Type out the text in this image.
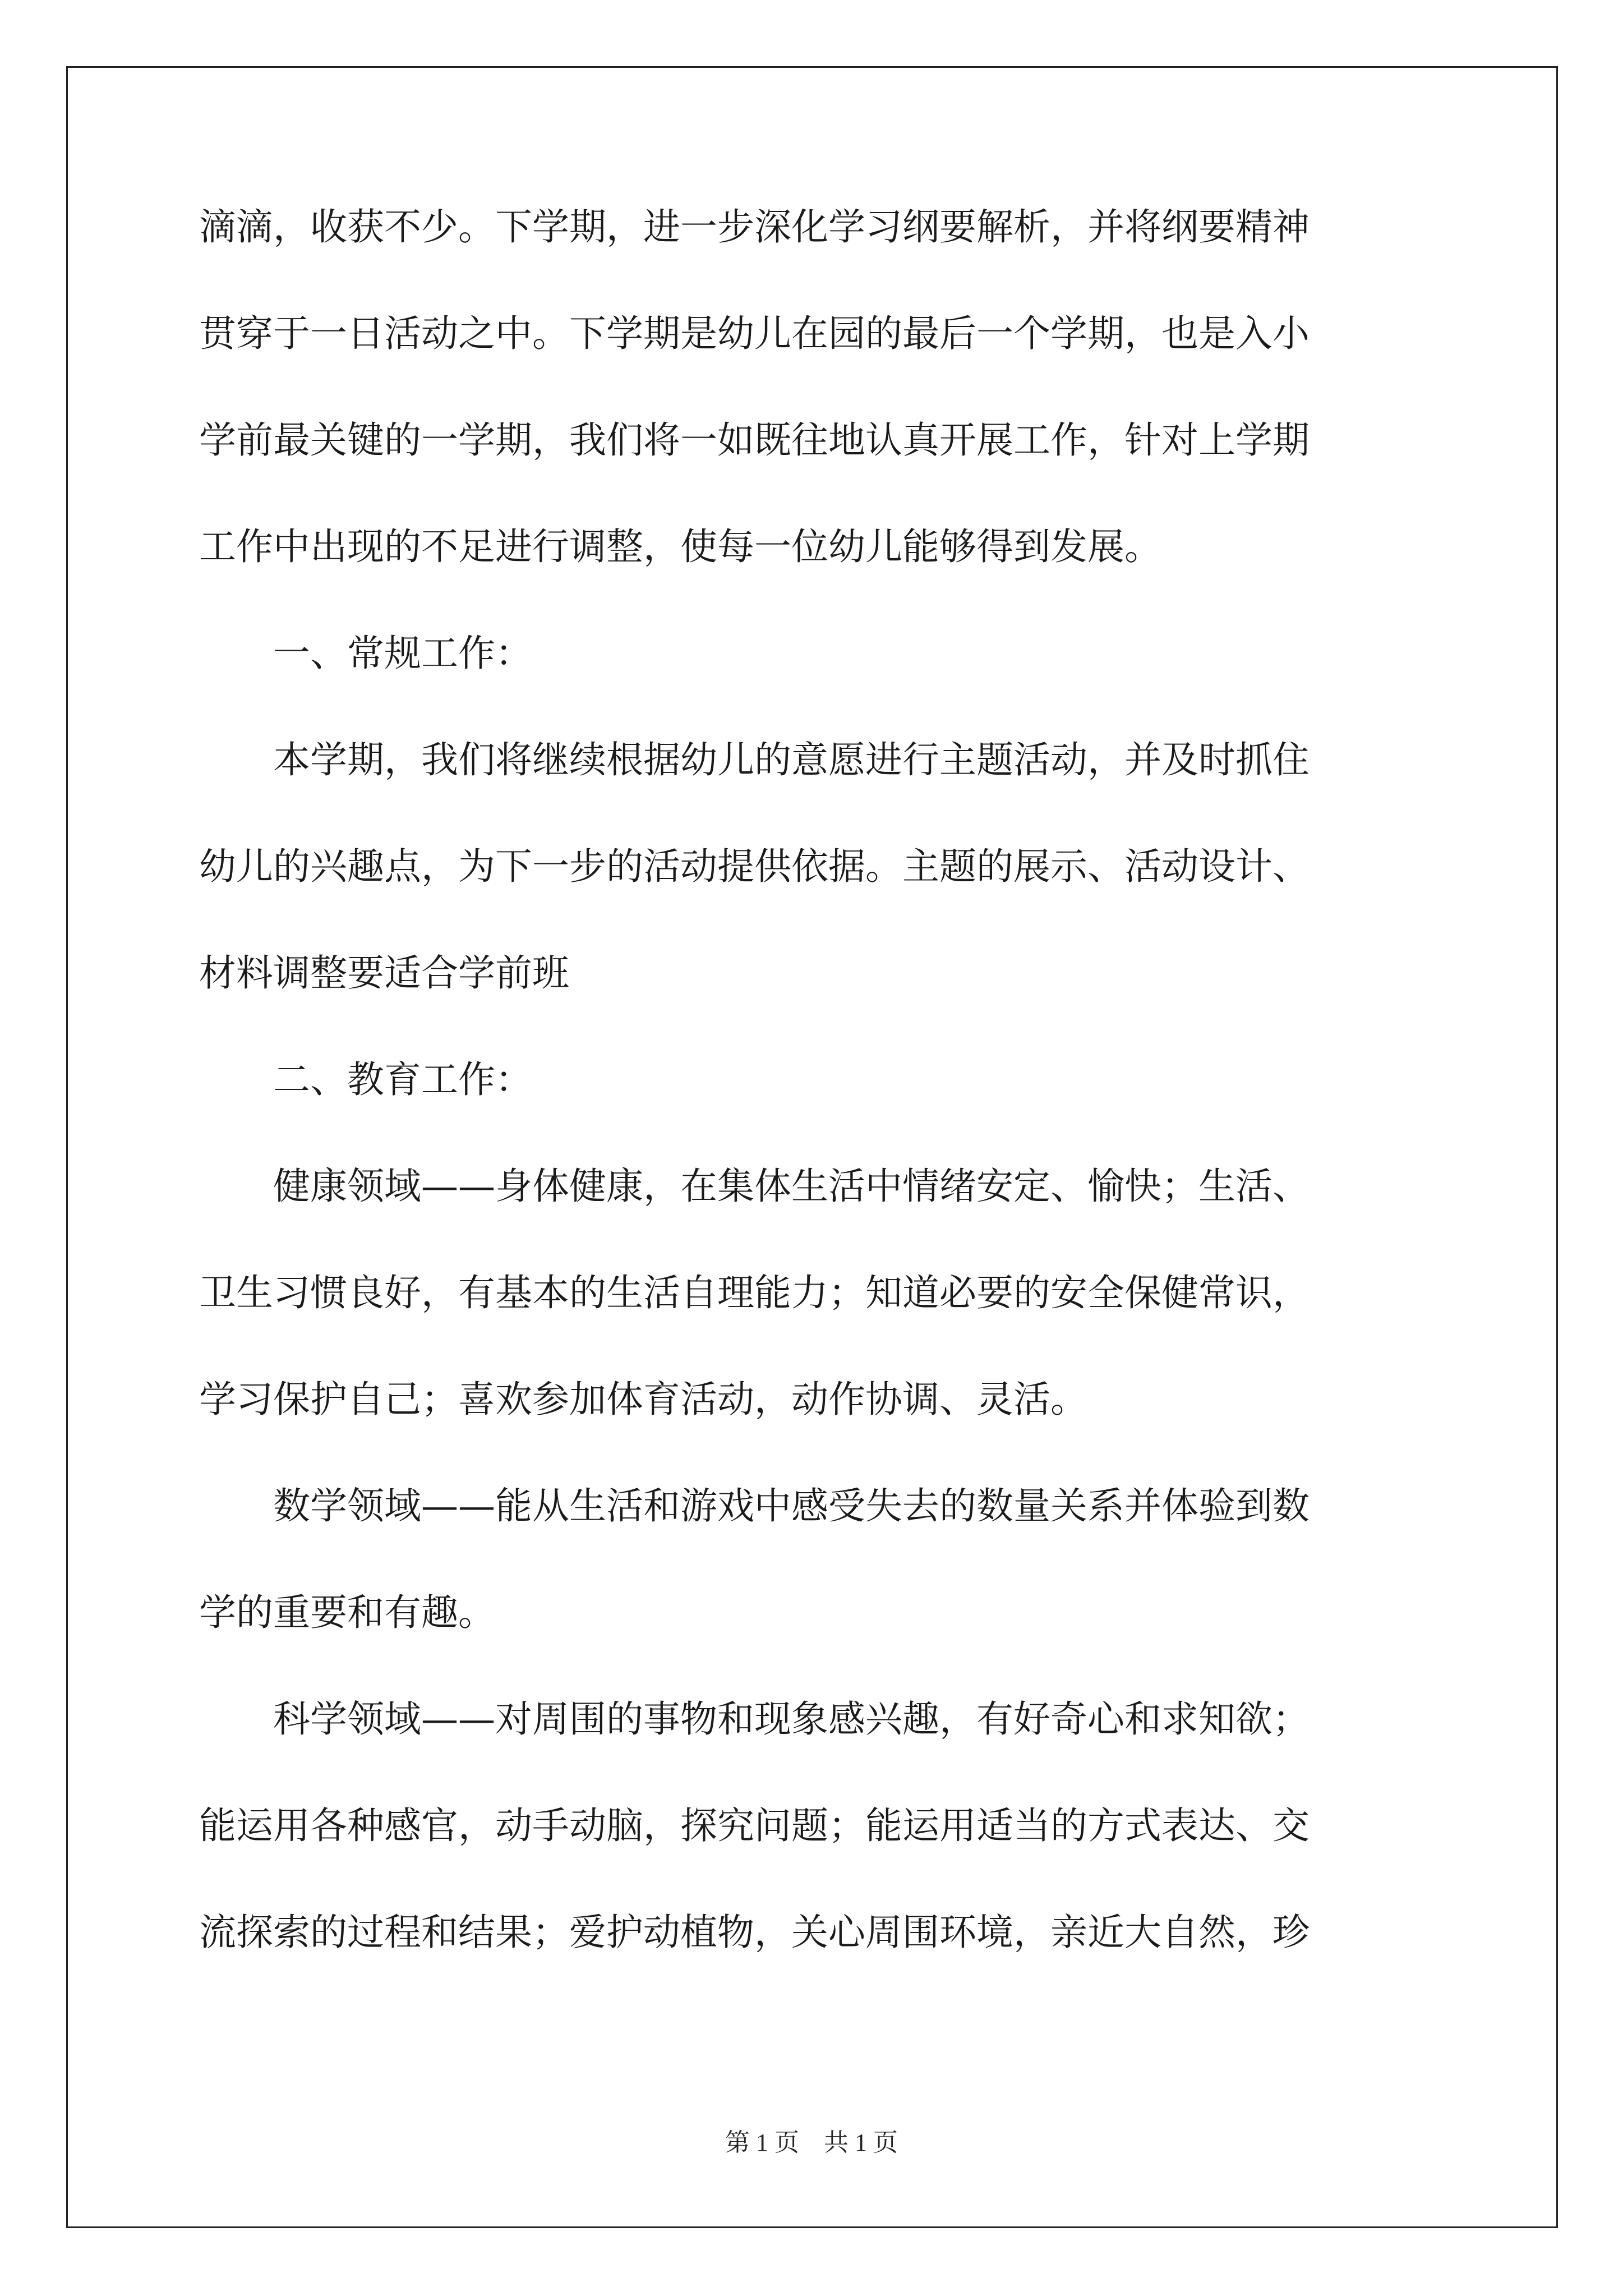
滴滴，收获不少。下学期，进一步深化学习纲要解析，并将纲要精神
贯穿于一日活动之中。下学期是幼儿在园的最后一个学期，也是入小
学前最关键的一学期，我们将一如既往地认真开展工作，针对上学期
工作中出现的不足进行调整，使每一位幼儿能够得到发展。
　　一、常规工作：
　　本学期，我们将继续根据幼儿的意愿进行主题活动，并及时抓住
幼儿的兴趣点，为下一步的活动提供依据。主题的展示、活动设计、
材料调整要适合学前班
　　二、教育工作：
　　健康领域——身体健康，在集体生活中情绪安定、愉快；生活、
卫生习惯良好，有基本的生活自理能力；知道必要的安全保健常识，
学习保护自己；喜欢参加体育活动，动作协调、灵活。
　　数学领域——能从生活和游戏中感受失去的数量关系并体验到数
学的重要和有趣。
　　科学领域——对周围的事物和现象感兴趣，有好奇心和求知欲；
能运用各种感官，动手动脑，探究问题；能运用适当的方式表达、交
流探索的过程和结果；爱护动植物，关心周围环境，亲近大自然，珍
第 1 页　共 1 页
